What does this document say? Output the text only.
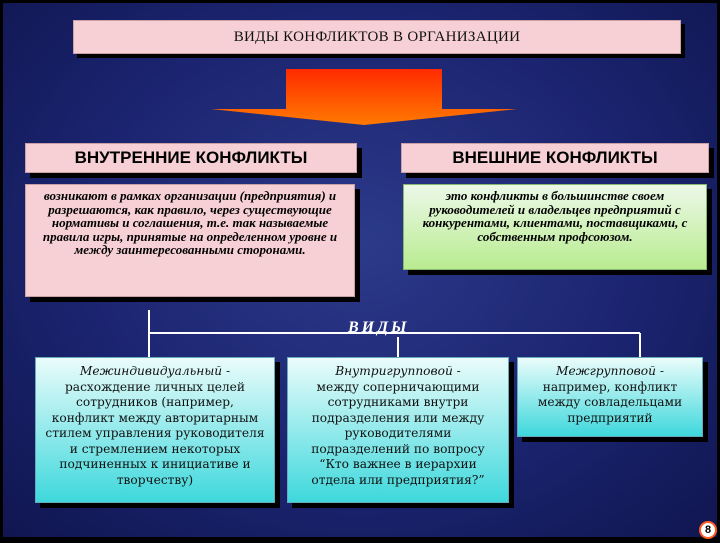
ВИДЫ КОНФЛИКТОВ В ОРГАНИЗАЦИИ
ВНУТРЕННИЕ КОНФЛИКТЫ	ВНЕШНИЕ КОНФЛИКТЫ
возникают в рамках организации (предприятия) и разрешаются, как правило, через существующие нормативы и соглашения, т.е. так называемые правила игры, принятые на определенном уровне и между заинтересованными сторонами.
это конфликты в большинстве своем руководителей и владельцев предприятий с конкурентами, клиентами, поставщиками, с собственным профсоюзом.
ВИДЫ
Межиндивидуальный -
расхождение личных целей сотрудников (например, конфликт между авторитарным стилем управления руководителя и стремлением некоторых подчиненных к инициативе и творчеству)
Внутригрупповой -
между соперничающими сотрудниками внутри подразделения или между руководителями подразделений по вопросу “Кто важнее в иерархии отдела или предприятия?”
Межгрупповой -
например, конфликт между совладельцами предприятий
8
